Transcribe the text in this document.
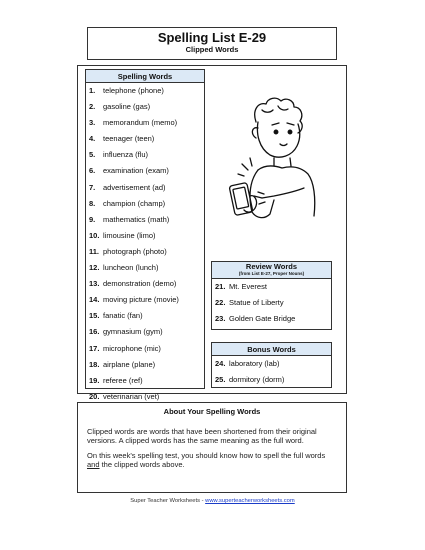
Spelling List E-29
Clipped Words
Spelling Words
1. telephone (phone)
2. gasoline (gas)
3. memorandum (memo)
4. teenager (teen)
5. influenza (flu)
6. examination (exam)
7. advertisement (ad)
8. champion (champ)
9. mathematics (math)
10. limousine (limo)
11. photograph (photo)
12. luncheon (lunch)
13. demonstration (demo)
14. moving picture (movie)
15. fanatic (fan)
16. gymnasium (gym)
17. microphone (mic)
18. airplane (plane)
19. referee (ref)
20. veterinarian (vet)
Review Words
(from List E-27, Proper Nouns)
21. Mt. Everest
22. Statue of Liberty
23. Golden Gate Bridge
Bonus Words
24. laboratory (lab)
25. dormitory (dorm)
About Your Spelling Words

Clipped words are words that have been shortened from their original versions. A clipped words has the same meaning as the full word.

On this week's spelling test, you should know how to spell the full words and the clipped words above.

Super Teacher Worksheets - www.superteacherworksheets.com
